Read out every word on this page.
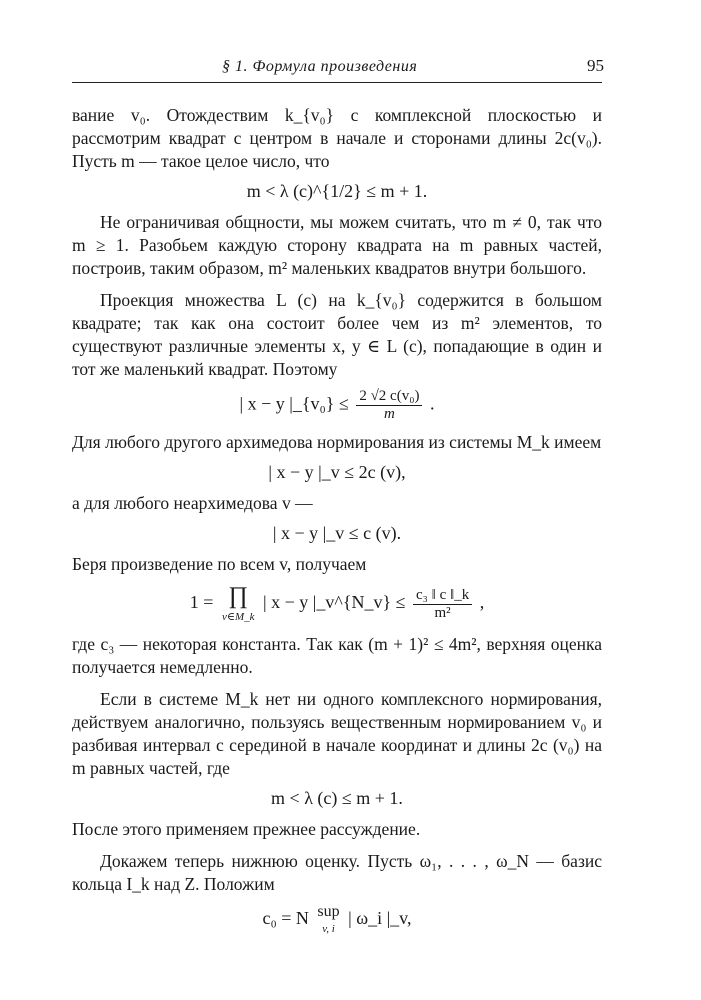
§ 1. Формула произведения	95

вание v₀. Отождествим k_{v₀} с комплексной плоскостью и рассмотрим квадрат с центром в начале и сторонами длины 2c(v₀). Пусть m — такое целое число, что

m < λ (c)^{1/2} ≤ m + 1.

Не ограничивая общности, мы можем считать, что m ≠ 0, так что m ≥ 1. Разобьем каждую сторону квадрата на m равных частей, построив, таким образом, m² маленьких квадратов внутри большого.

Проекция множества L (c) на k_{v₀} содержится в большом квадрате; так как она состоит более чем из m² элементов, то существуют различные элементы x, y ∈ L (c), попадающие в один и тот же маленький квадрат. Поэтому

| x − y |_{v₀} ≤ $\frac{\text{2 √2 c(v₀)}}{m}$ .

Для любого другого архимедова нормирования из системы M_k имеем

| x − y |_v ≤ 2c (v),

а для любого неархимедова v —

| x − y |_v ≤ c (v).

Беря произведение по всем v, получаем

1 = ∏
v∈M_k
| x − y |_v^{N_v} ≤ $\frac{\text{c₃ ‖ c ‖\_k}}{\text{m²}}$ ,

где c₃ — некоторая константа. Так как (m + 1)² ≤ 4m², верхняя оценка получается немедленно.

Если в системе M_k нет ни одного комплексного нормирования, действуем аналогично, пользуясь вещественным нормированием v₀ и разбивая интервал с серединой в начале координат и длины 2c (v₀) на m равных частей, где

m < λ (c) ≤ m + 1.

После этого применяем прежнее рассуждение.

Докажем теперь нижнюю оценку. Пусть ω₁, . . . , ω_N — базис кольца I_k над Z. Положим

c₀ = N sup
v, i
| ω_i |_v,
